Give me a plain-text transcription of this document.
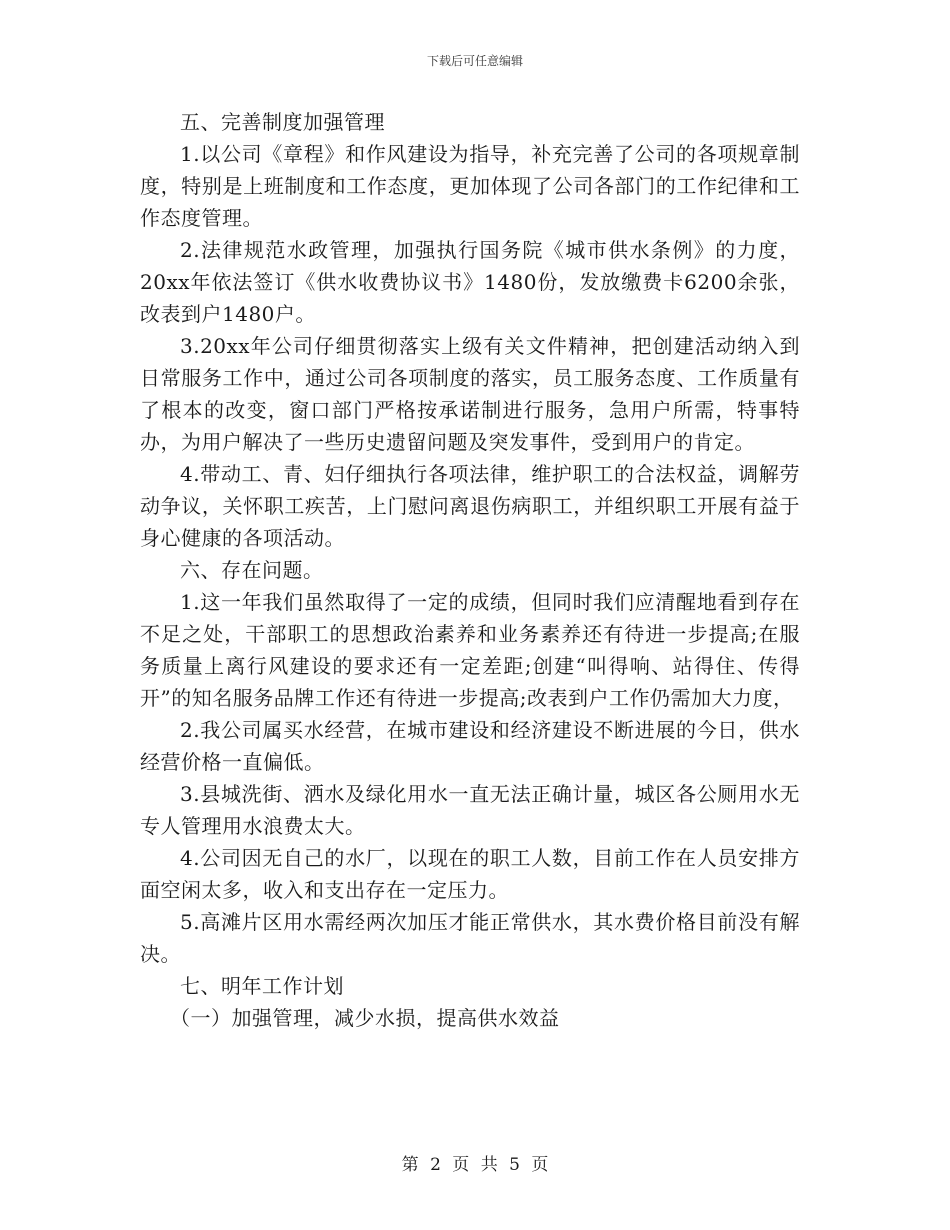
下载后可任意编辑

五、完善制度加强管理

1.以公司《章程》和作风建设为指导，补充完善了公司的各项规章制度，特别是上班制度和工作态度，更加体现了公司各部门的工作纪律和工作态度管理。

2.法律规范水政管理，加强执行国务院《城市供水条例》的力度，20xx年依法签订《供水收费协议书》1480份，发放缴费卡6200余张，改表到户1480户。

3.20xx年公司仔细贯彻落实上级有关文件精神，把创建活动纳入到日常服务工作中，通过公司各项制度的落实，员工服务态度、工作质量有了根本的改变，窗口部门严格按承诺制进行服务，急用户所需，特事特办，为用户解决了一些历史遗留问题及突发事件，受到用户的肯定。

4.带动工、青、妇仔细执行各项法律，维护职工的合法权益，调解劳动争议，关怀职工疾苦，上门慰问离退伤病职工，并组织职工开展有益于身心健康的各项活动。

六、存在问题。

1.这一年我们虽然取得了一定的成绩，但同时我们应清醒地看到存在不足之处，干部职工的思想政治素养和业务素养还有待进一步提高;在服务质量上离行风建设的要求还有一定差距;创建“叫得响、站得住、传得开”的知名服务品牌工作还有待进一步提高;改表到户工作仍需加大力度，

2.我公司属买水经营，在城市建设和经济建设不断进展的今日，供水经营价格一直偏低。

3.县城洗街、洒水及绿化用水一直无法正确计量，城区各公厕用水无专人管理用水浪费太大。

4.公司因无自己的水厂，以现在的职工人数，目前工作在人员安排方面空闲太多，收入和支出存在一定压力。

5.高滩片区用水需经两次加压才能正常供水，其水费价格目前没有解决。

七、明年工作计划

（一）加强管理，减少水损，提高供水效益

第 2 页 共 5 页
